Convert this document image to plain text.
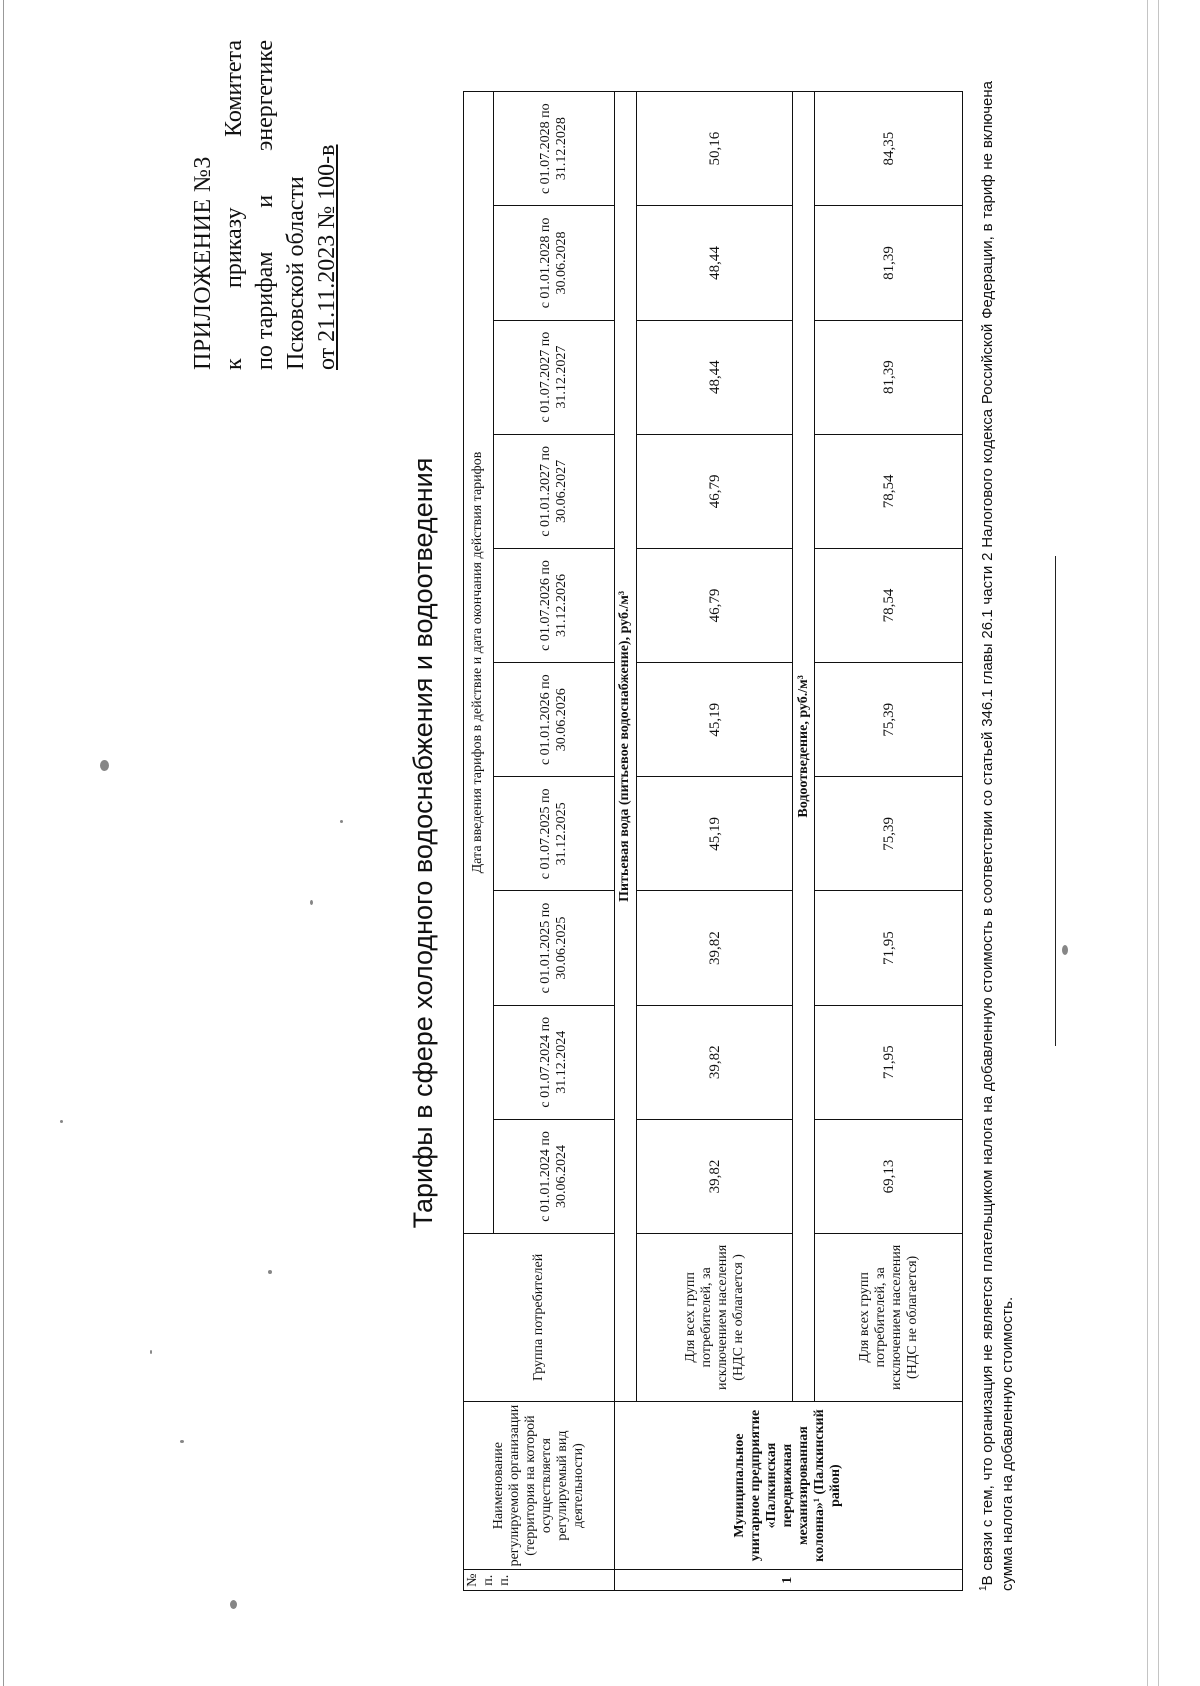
ПРИЛОЖЕНИЕ №3 к
приказу
Комитета
по тарифам
и
энергетике
Псковской области от 21.11.2023 № 100-в
Тарифы в сфере холодного водоснабжения и водоотведения
№ п. п.	Наименование регулируемой организации (территория на которой осуществляется регулируемый вид деятельности)	Группа потребителей	Дата введения тарифов в действие и дата окончания действия тарифов									
			с 01.01.2024 по 30.06.2024	с 01.07.2024 по 31.12.2024	с 01.01.2025 по 30.06.2025	с 01.07.2025 по 31.12.2025	с 01.01.2026 по 30.06.2026	с 01.07.2026 по 31.12.2026	с 01.01.2027 по 30.06.2027	с 01.07.2027 по 31.12.2027	с 01.01.2028 по 30.06.2028	с 01.07.2028 по 31.12.2028
1	Муниципальное унитарное предприятие «Палкинская передвижная механизированная колонна»¹ (Палкинский район)	Питьевая вода (питьевое водоснабжение), руб./м³										
		Для всех групп потребителей, за исключением населения (НДС не облагается )	39,82	39,82	39,82	45,19	45,19	46,79	46,79	48,44	48,44	50,16
		Водоотведение, руб./м³										
		Для всех групп потребителей, за исключением населения (НДС не облагается)	69,13	71,95	71,95	75,39	75,39	78,54	78,54	81,39	81,39	84,35
$^1$В связи с тем, что организация не является плательщиком налога на добавленную стоимость в соответствии со статьей 346.1 главы 26.1 части 2 Налогового кодекса Российской Федерации, в тариф не включена сумма налога на добавленную стоимость.
